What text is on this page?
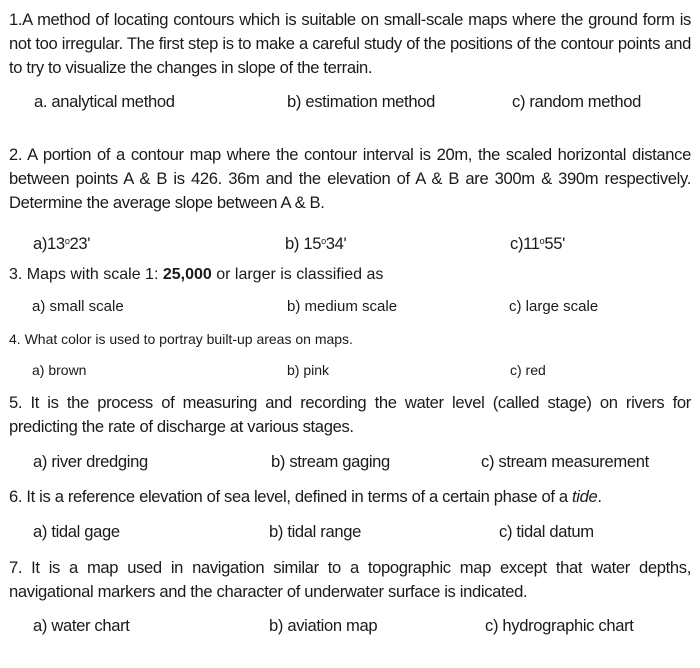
1.A method of locating contours which is suitable on small-scale maps where the ground form is not too irregular. The first step is to make a careful study of the positions of the contour points and to try to visualize the changes in slope of the terrain.
a. analytical method	b) estimation method	c) random method
2. A portion of a contour map where the contour interval is 20m, the scaled horizontal distance between points A & B is 426. 36m and the elevation of A & B are 300m & 390m respectively. Determine the average slope between A & B.
a)13$^o$23'	b) 15$^o$34'	c)11$^o$55'
3. Maps with scale 1: 25,000 or larger is classified as
a) small scale	b) medium scale	c) large scale
4. What color is used to portray built-up areas on maps.
a) brown	b) pink	c) red
5. It is the process of measuring and recording the water level (called stage) on rivers for predicting the rate of discharge at various stages.
a) river dredging	b) stream gaging	c) stream measurement
6. It is a reference elevation of sea level, defined in terms of a certain phase of a tide.
a) tidal gage	b) tidal range	c) tidal datum
7. It is a map used in navigation similar to a topographic map except that water depths, navigational markers and the character of underwater surface is indicated.
a) water chart	b) aviation map	c) hydrographic chart
